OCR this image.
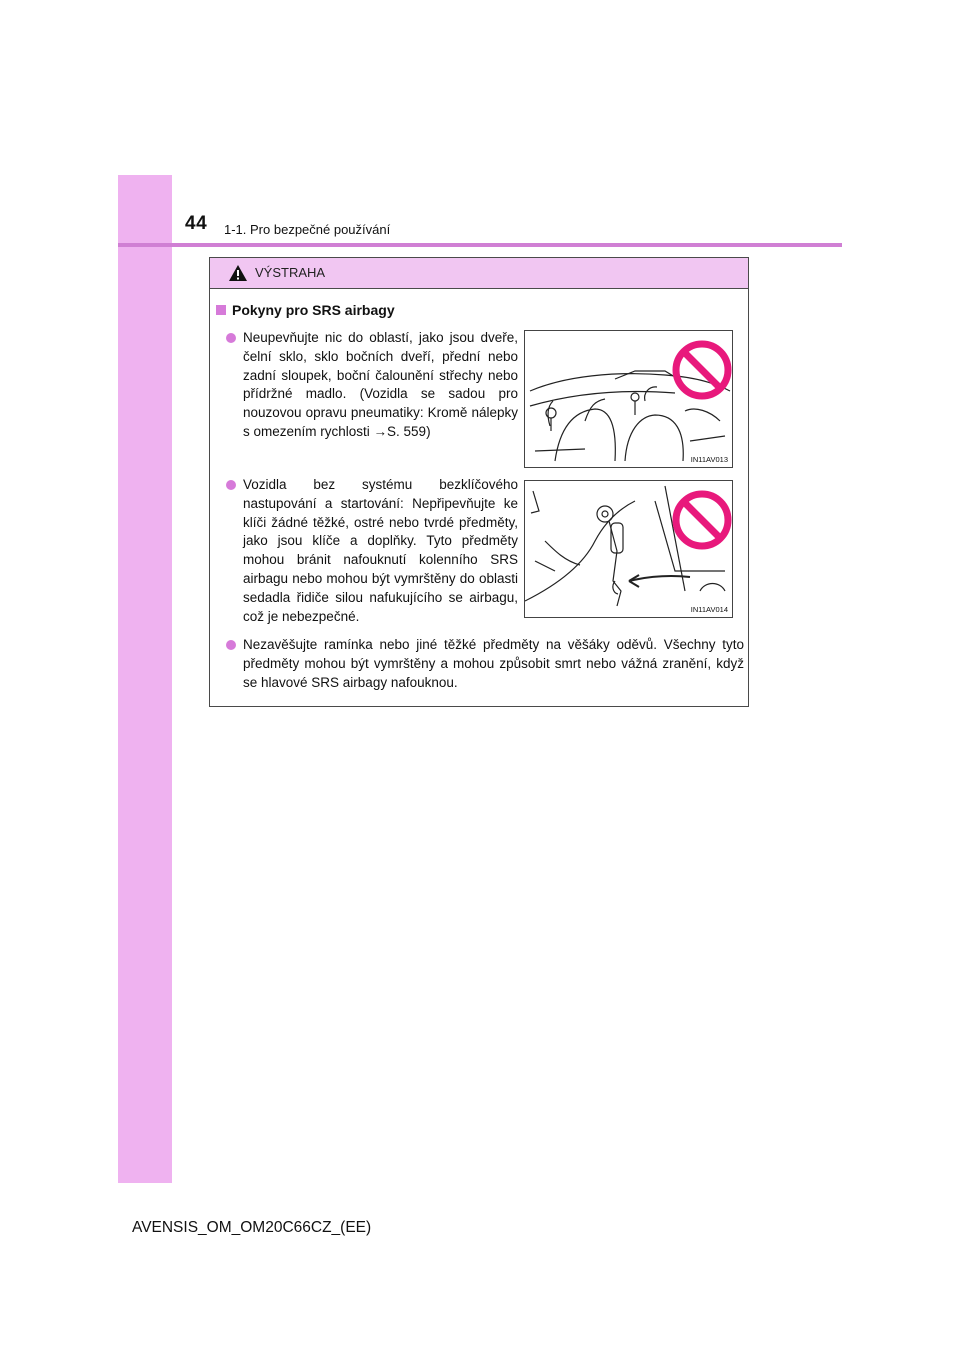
44 1-1. Pro bezpečné používání
VÝSTRAHA
Pokyny pro SRS airbagy
Neupevňujte nic do oblastí, jako jsou dveře, čelní sklo, sklo bočních dveří, přední nebo zadní sloupek, boční čalounění střechy nebo přídržné madlo. (Vozidla se sadou pro nouzovou opravu pneumatiky: Kromě nálepky s omezením rychlosti →S. 559)
IN11AV013
Vozidla bez systému bezklíčového nastupování a startování: Nepřipevňujte ke klíči žádné těžké, ostré nebo tvrdé předměty, jako jsou klíče a doplňky. Tyto předměty mohou bránit nafouknutí kolenního SRS airbagu nebo mohou být vymrštěny do oblasti sedadla řidiče silou nafukujícího se airbagu, což je nebezpečné.	IN11AV014
Nezavěšujte ramínka nebo jiné těžké předměty na věšáky oděvů. Všechny tyto předměty mohou být vymrštěny a mohou způsobit smrt nebo vážná zranění, když se hlavové SRS airbagy nafouknou.
AVENSIS_OM_OM20C66CZ_(EE)
